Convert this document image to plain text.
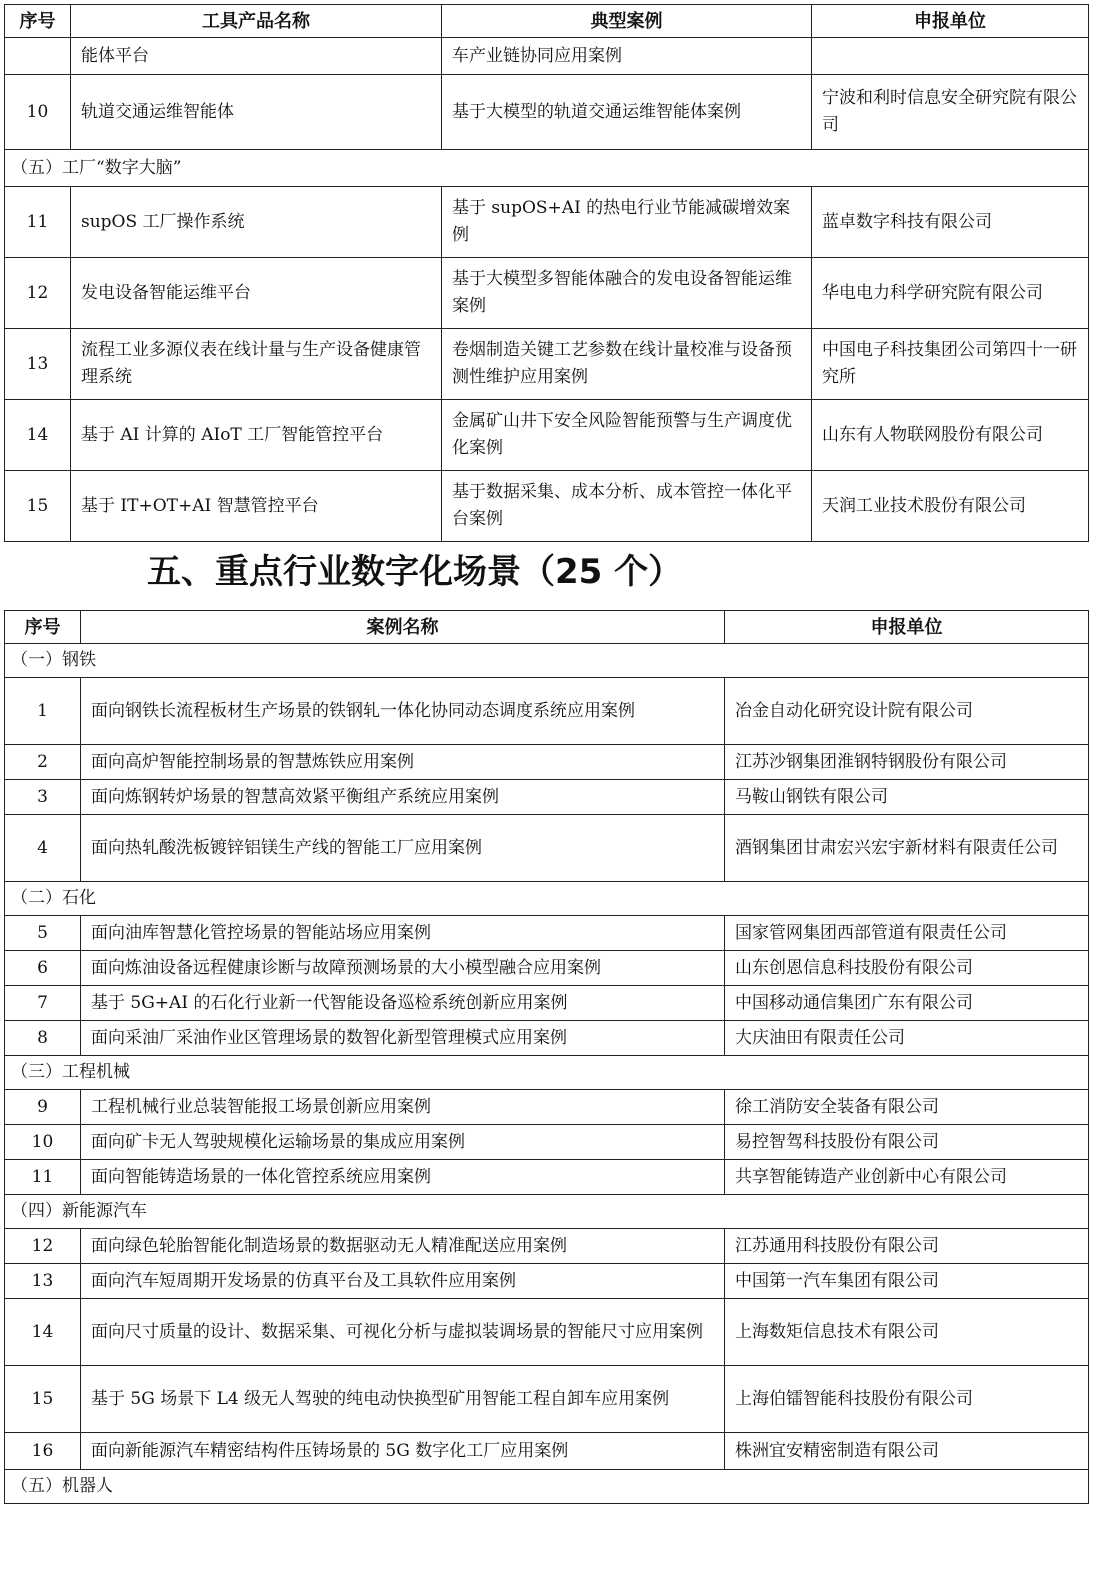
序号	工具产品名称	典型案例	申报单位
	能体平台	车产业链协同应用案例	
10	轨道交通运维智能体	基于大模型的轨道交通运维智能体案例	宁波和利时信息安全研究院有限公司
（五）工厂“数字大脑”			
11	supOS 工厂操作系统	基于 supOS+AI 的热电行业节能减碳增效案例	蓝卓数字科技有限公司
12	发电设备智能运维平台	基于大模型多智能体融合的发电设备智能运维案例	华电电力科学研究院有限公司
13	流程工业多源仪表在线计量与生产设备健康管理系统	卷烟制造关键工艺参数在线计量校准与设备预测性维护应用案例	中国电子科技集团公司第四十一研究所
14	基于 AI 计算的 AIoT 工厂智能管控平台	金属矿山井下安全风险智能预警与生产调度优化案例	山东有人物联网股份有限公司
15	基于 IT+OT+AI 智慧管控平台	基于数据采集、成本分析、成本管控一体化平台案例	天润工业技术股份有限公司
五、重点行业数字化场景（25 个）
序号	案例名称	申报单位
（一）钢铁		
1	面向钢铁长流程板材生产场景的铁钢轧一体化协同动态调度系统应用案例	冶金自动化研究设计院有限公司
2	面向高炉智能控制场景的智慧炼铁应用案例	江苏沙钢集团淮钢特钢股份有限公司
3	面向炼钢转炉场景的智慧高效紧平衡组产系统应用案例	马鞍山钢铁有限公司
4	面向热轧酸洗板镀锌铝镁生产线的智能工厂应用案例	酒钢集团甘肃宏兴宏宇新材料有限责任公司
（二）石化		
5	面向油库智慧化管控场景的智能站场应用案例	国家管网集团西部管道有限责任公司
6	面向炼油设备远程健康诊断与故障预测场景的大小模型融合应用案例	山东创恩信息科技股份有限公司
7	基于 5G+AI 的石化行业新一代智能设备巡检系统创新应用案例	中国移动通信集团广东有限公司
8	面向采油厂采油作业区管理场景的数智化新型管理模式应用案例	大庆油田有限责任公司
（三）工程机械		
9	工程机械行业总装智能报工场景创新应用案例	徐工消防安全装备有限公司
10	面向矿卡无人驾驶规模化运输场景的集成应用案例	易控智驾科技股份有限公司
11	面向智能铸造场景的一体化管控系统应用案例	共享智能铸造产业创新中心有限公司
（四）新能源汽车		
12	面向绿色轮胎智能化制造场景的数据驱动无人精准配送应用案例	江苏通用科技股份有限公司
13	面向汽车短周期开发场景的仿真平台及工具软件应用案例	中国第一汽车集团有限公司
14	面向尺寸质量的设计、数据采集、可视化分析与虚拟装调场景的智能尺寸应用案例	上海数矩信息技术有限公司
15	基于 5G 场景下 L4 级无人驾驶的纯电动快换型矿用智能工程自卸车应用案例	上海伯镭智能科技股份有限公司
16	面向新能源汽车精密结构件压铸场景的 5G 数字化工厂应用案例	株洲宜安精密制造有限公司
（五）机器人		
